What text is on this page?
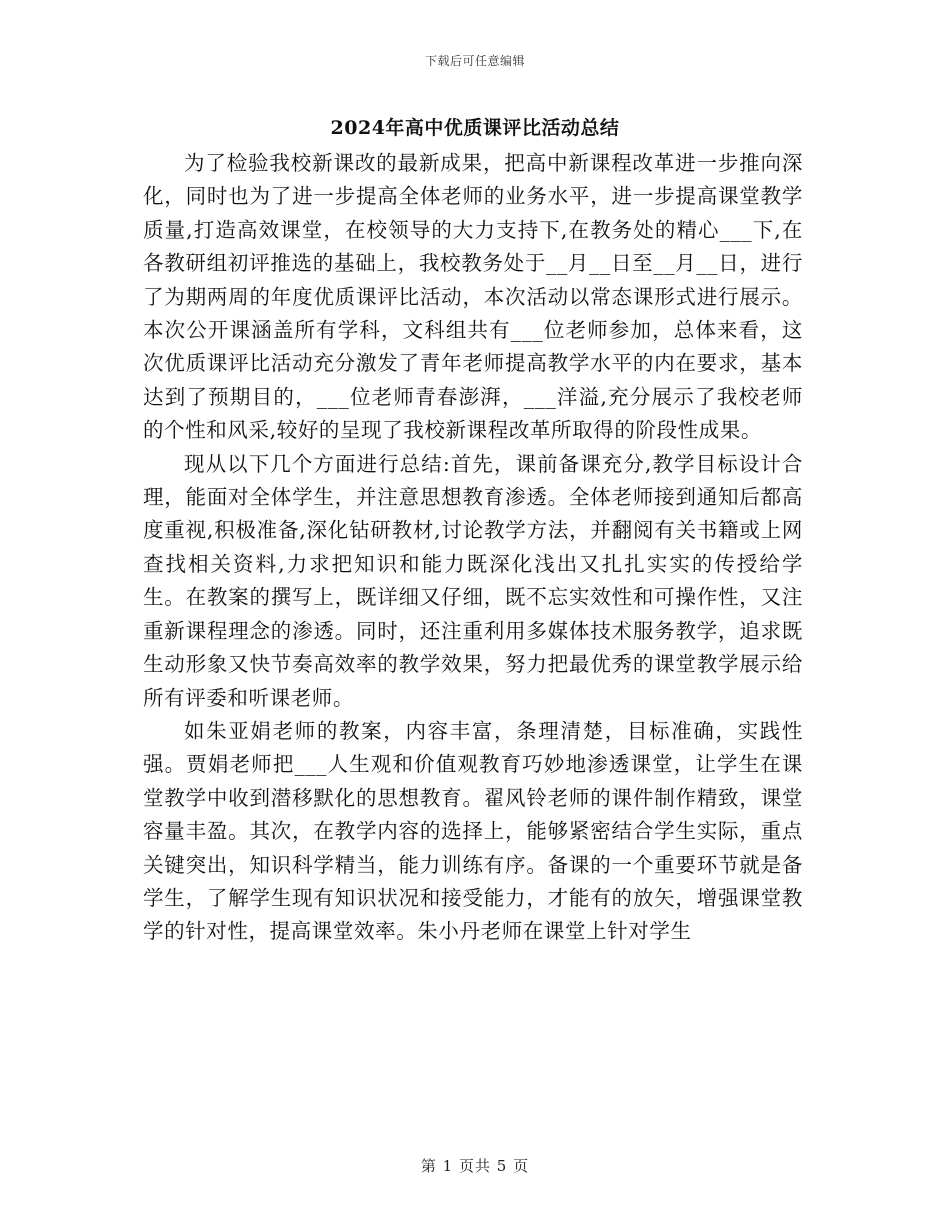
下载后可任意编辑
2024年高中优质课评比活动总结

为了检验我校新课改的最新成果，把高中新课程改革进一步推向深化，同时也为了进一步提高全体老师的业务水平，进一步提高课堂教学质量,打造高效课堂，在校领导的大力支持下,在教务处的精心___下,在各教研组初评推选的基础上，我校教务处于__月__日至__月__日，进行了为期两周的年度优质课评比活动，本次活动以常态课形式进行展示。本次公开课涵盖所有学科，文科组共有___位老师参加，总体来看，这次优质课评比活动充分激发了青年老师提高教学水平的内在要求，基本达到了预期目的，___位老师青春澎湃，___洋溢,充分展示了我校老师的个性和风采,较好的呈现了我校新课程改革所取得的阶段性成果。

现从以下几个方面进行总结:首先，课前备课充分,教学目标设计合理，能面对全体学生，并注意思想教育渗透。全体老师接到通知后都高度重视,积极准备,深化钻研教材,讨论教学方法，并翻阅有关书籍或上网查找相关资料,力求把知识和能力既深化浅出又扎扎实实的传授给学生。在教案的撰写上，既详细又仔细，既不忘实效性和可操作性，又注重新课程理念的渗透。同时，还注重利用多媒体技术服务教学，追求既生动形象又快节奏高效率的教学效果，努力把最优秀的课堂教学展示给所有评委和听课老师。

如朱亚娟老师的教案，内容丰富，条理清楚，目标准确，实践性强。贾娟老师把___人生观和价值观教育巧妙地渗透课堂，让学生在课堂教学中收到潜移默化的思想教育。翟风铃老师的课件制作精致，课堂容量丰盈。其次，在教学内容的选择上，能够紧密结合学生实际，重点关键突出，知识科学精当，能力训练有序。备课的一个重要环节就是备学生，了解学生现有知识状况和接受能力，才能有的放矢，增强课堂教学的针对性，提高课堂效率。朱小丹老师在课堂上针对学生

第 1 页共 5 页
